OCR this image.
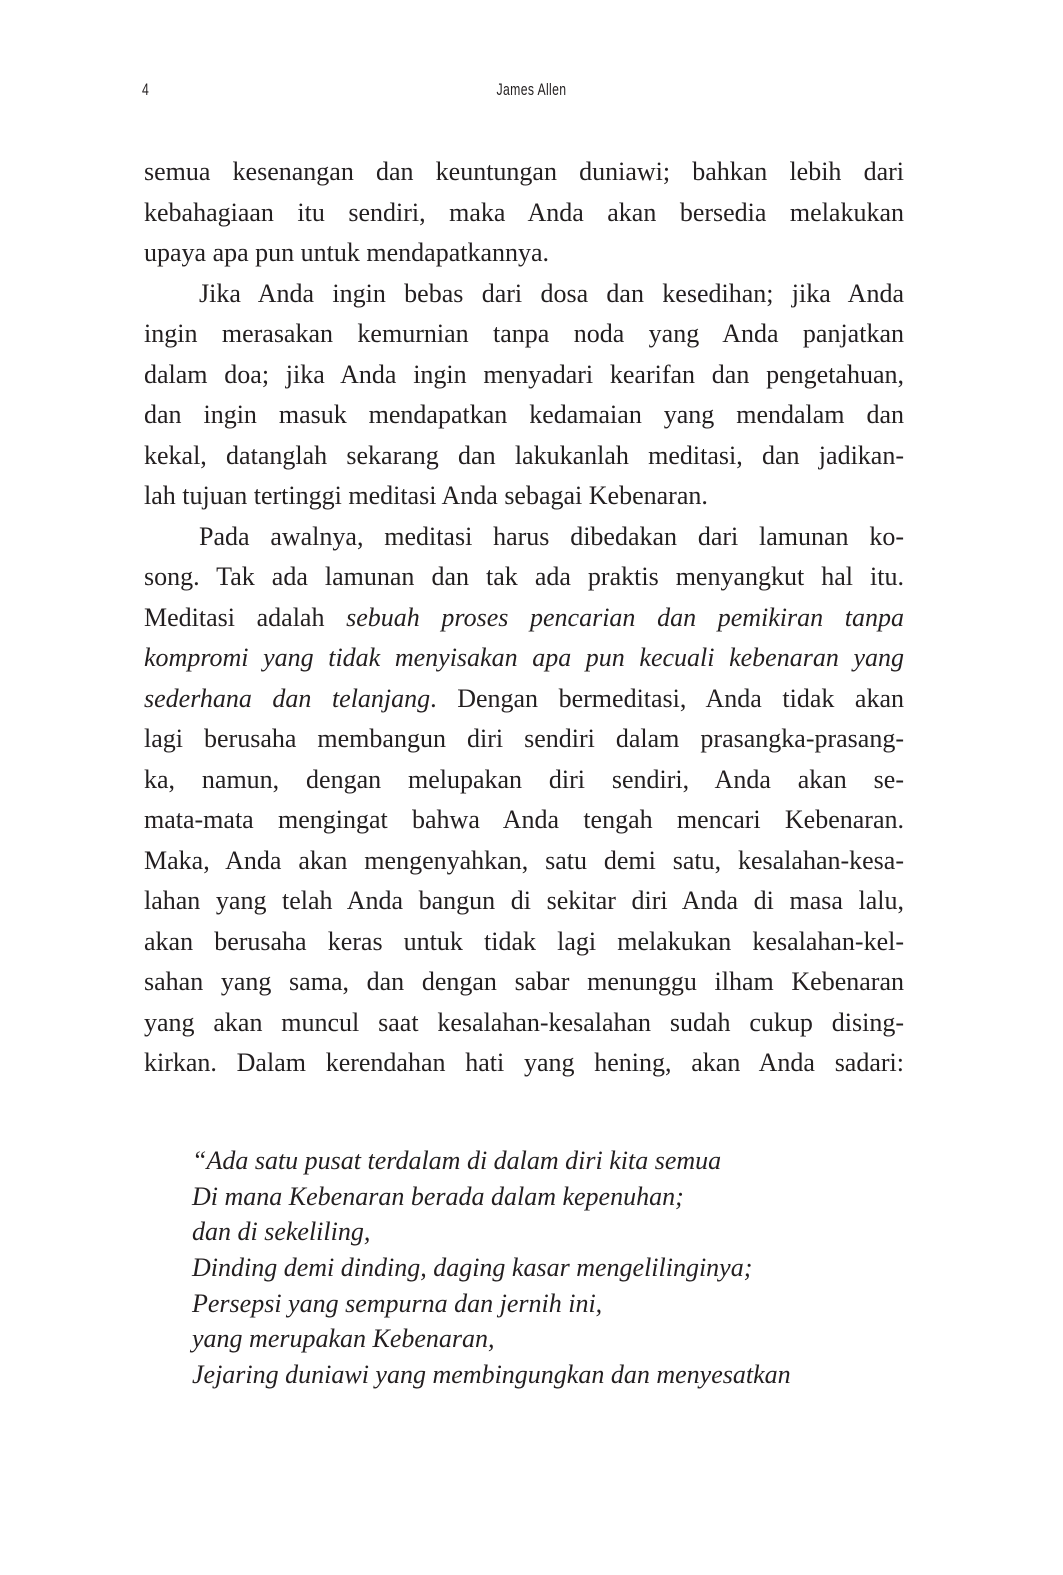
4	James Allen
semua kesenangan dan keuntungan duniawi; bahkan lebih dari
kebahagiaan itu sendiri, maka Anda akan bersedia melakukan
upaya apa pun untuk mendapatkannya.
Jika Anda ingin bebas dari dosa dan kesedihan; jika Anda
ingin merasakan kemurnian tanpa noda yang Anda panjatkan
dalam doa; jika Anda ingin menyadari kearifan dan pengetahuan,
dan ingin masuk mendapatkan kedamaian yang mendalam dan
kekal, datanglah sekarang dan lakukanlah meditasi, dan jadikan-
lah tujuan tertinggi meditasi Anda sebagai Kebenaran.
Pada awalnya, meditasi harus dibedakan dari lamunan ko-
song. Tak ada lamunan dan tak ada praktis menyangkut hal itu.
Meditasi adalah sebuah proses pencarian dan pemikiran tanpa
kompromi yang tidak menyisakan apa pun kecuali kebenaran yang
sederhana dan telanjang. Dengan bermeditasi, Anda tidak akan
lagi berusaha membangun diri sendiri dalam prasangka-prasang-
ka, namun, dengan melupakan diri sendiri, Anda akan se-
mata-mata mengingat bahwa Anda tengah mencari Kebenaran.
Maka, Anda akan mengenyahkan, satu demi satu, kesalahan-kesa-
lahan yang telah Anda bangun di sekitar diri Anda di masa lalu,
akan berusaha keras untuk tidak lagi melakukan kesalahan-kel-
sahan yang sama, dan dengan sabar menunggu ilham Kebenaran
yang akan muncul saat kesalahan-kesalahan sudah cukup dising-
kirkan. Dalam kerendahan hati yang hening, akan Anda sadari:
“Ada satu pusat terdalam di dalam diri kita semua
Di mana Kebenaran berada dalam kepenuhan;
dan di sekeliling,
Dinding demi dinding, daging kasar mengelilinginya;
Persepsi yang sempurna dan jernih ini,
yang merupakan Kebenaran,
Jejaring duniawi yang membingungkan dan menyesatkan
